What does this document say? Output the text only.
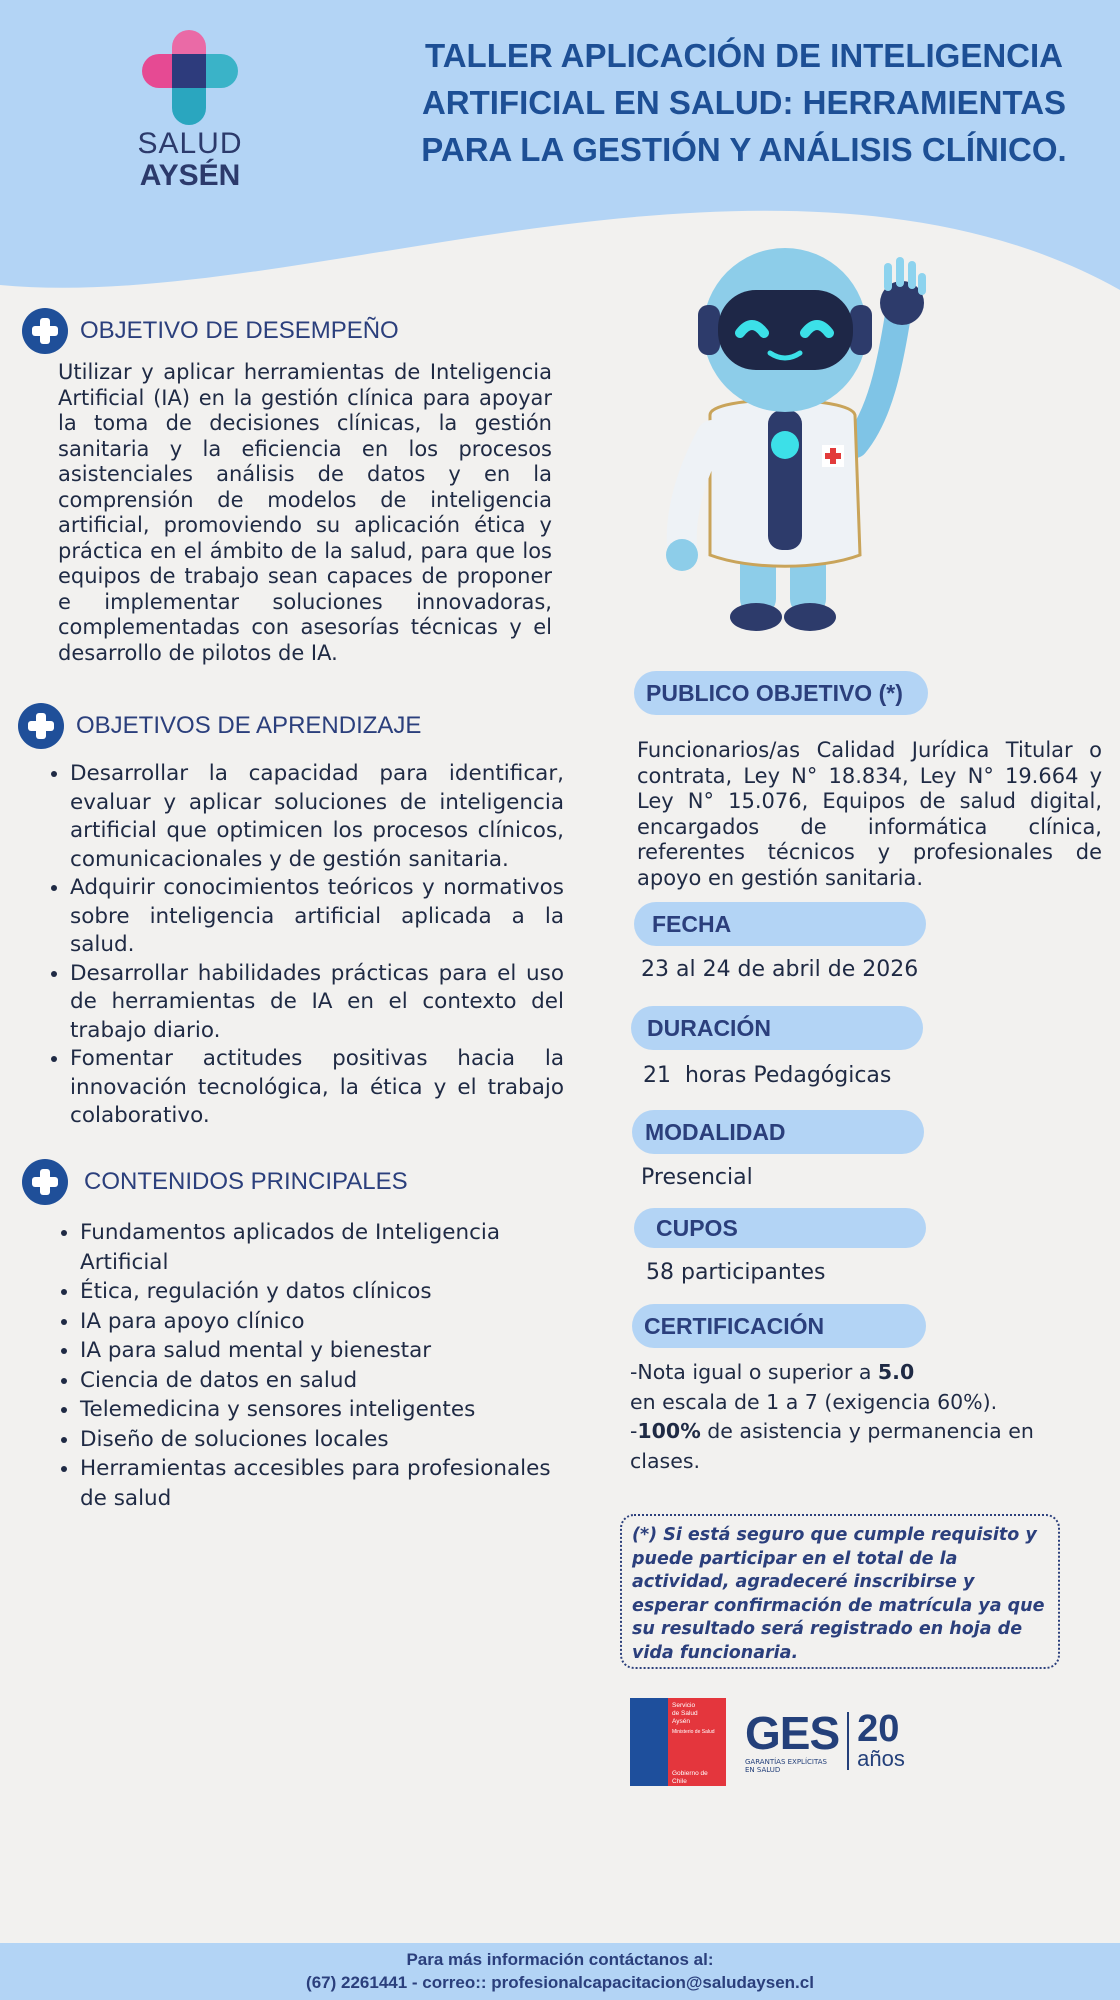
SALUD
AYSÉN
TALLER APLICACIÓN DE INTELIGENCIA
ARTIFICIAL EN SALUD: HERRAMIENTAS
PARA LA GESTIÓN Y ANÁLISIS CLÍNICO.
OBJETIVO DE DESEMPEÑO
Utilizar y aplicar herramientas de Inteligencia Artificial (IA) en la gestión clínica para apoyar la toma de decisiones clínicas, la gestión sanitaria y la eficiencia en los procesos asistenciales análisis de datos y en la comprensión de modelos de inteligencia artificial, promoviendo su aplicación ética y práctica en el ámbito de la salud, para que los equipos de trabajo sean capaces de proponer e implementar soluciones innovadoras, complementadas con asesorías técnicas y el desarrollo de pilotos de IA.
OBJETIVOS DE APRENDIZAJE
• Desarrollar la capacidad para identificar, evaluar y aplicar soluciones de inteligencia artificial que optimicen los procesos clínicos, comunicacionales y de gestión sanitaria.
• Adquirir conocimientos teóricos y normativos sobre inteligencia artificial aplicada a la salud.
• Desarrollar habilidades prácticas para el uso de herramientas de IA en el contexto del trabajo diario.
• Fomentar actitudes positivas hacia la innovación tecnológica, la ética y el trabajo colaborativo.
CONTENIDOS PRINCIPALES
• Fundamentos aplicados de Inteligencia Artificial
• Ética, regulación y datos clínicos
• IA para apoyo clínico
• IA para salud mental y bienestar
• Ciencia de datos en salud
• Telemedicina y sensores inteligentes
• Diseño de soluciones locales
• Herramientas accesibles para profesionales de salud
PUBLICO OBJETIVO (*)
Funcionarios/as Calidad Jurídica Titular o contrata, Ley N° 18.834, Ley N° 19.664 y Ley N° 15.076, Equipos de salud digital, encargados de informática clínica, referentes técnicos y profesionales de apoyo en gestión sanitaria.
FECHA
23 al 24 de abril de 2026
DURACIÓN
21  horas Pedagógicas
MODALIDAD
Presencial
CUPOS
58 participantes
CERTIFICACIÓN
-Nota igual o superior a 5.0
en escala de 1 a 7 (exigencia 60%).
-100% de asistencia y permanencia en clases.
(*) Si está seguro que cumple requisito y puede participar en el total de la actividad, agradeceré inscribirse y esperar confirmación de matrícula ya que su resultado será registrado en hoja de vida funcionaria.
Servicio
de Salud
Aysén
Ministerio de Salud
Gobierno de Chile
GES
GARANTÍAS EXPLÍCITAS EN SALUD
20
años
Para más información contáctanos al:
(67) 2261441 - correo:: profesionalcapacitacion@saludaysen.cl
